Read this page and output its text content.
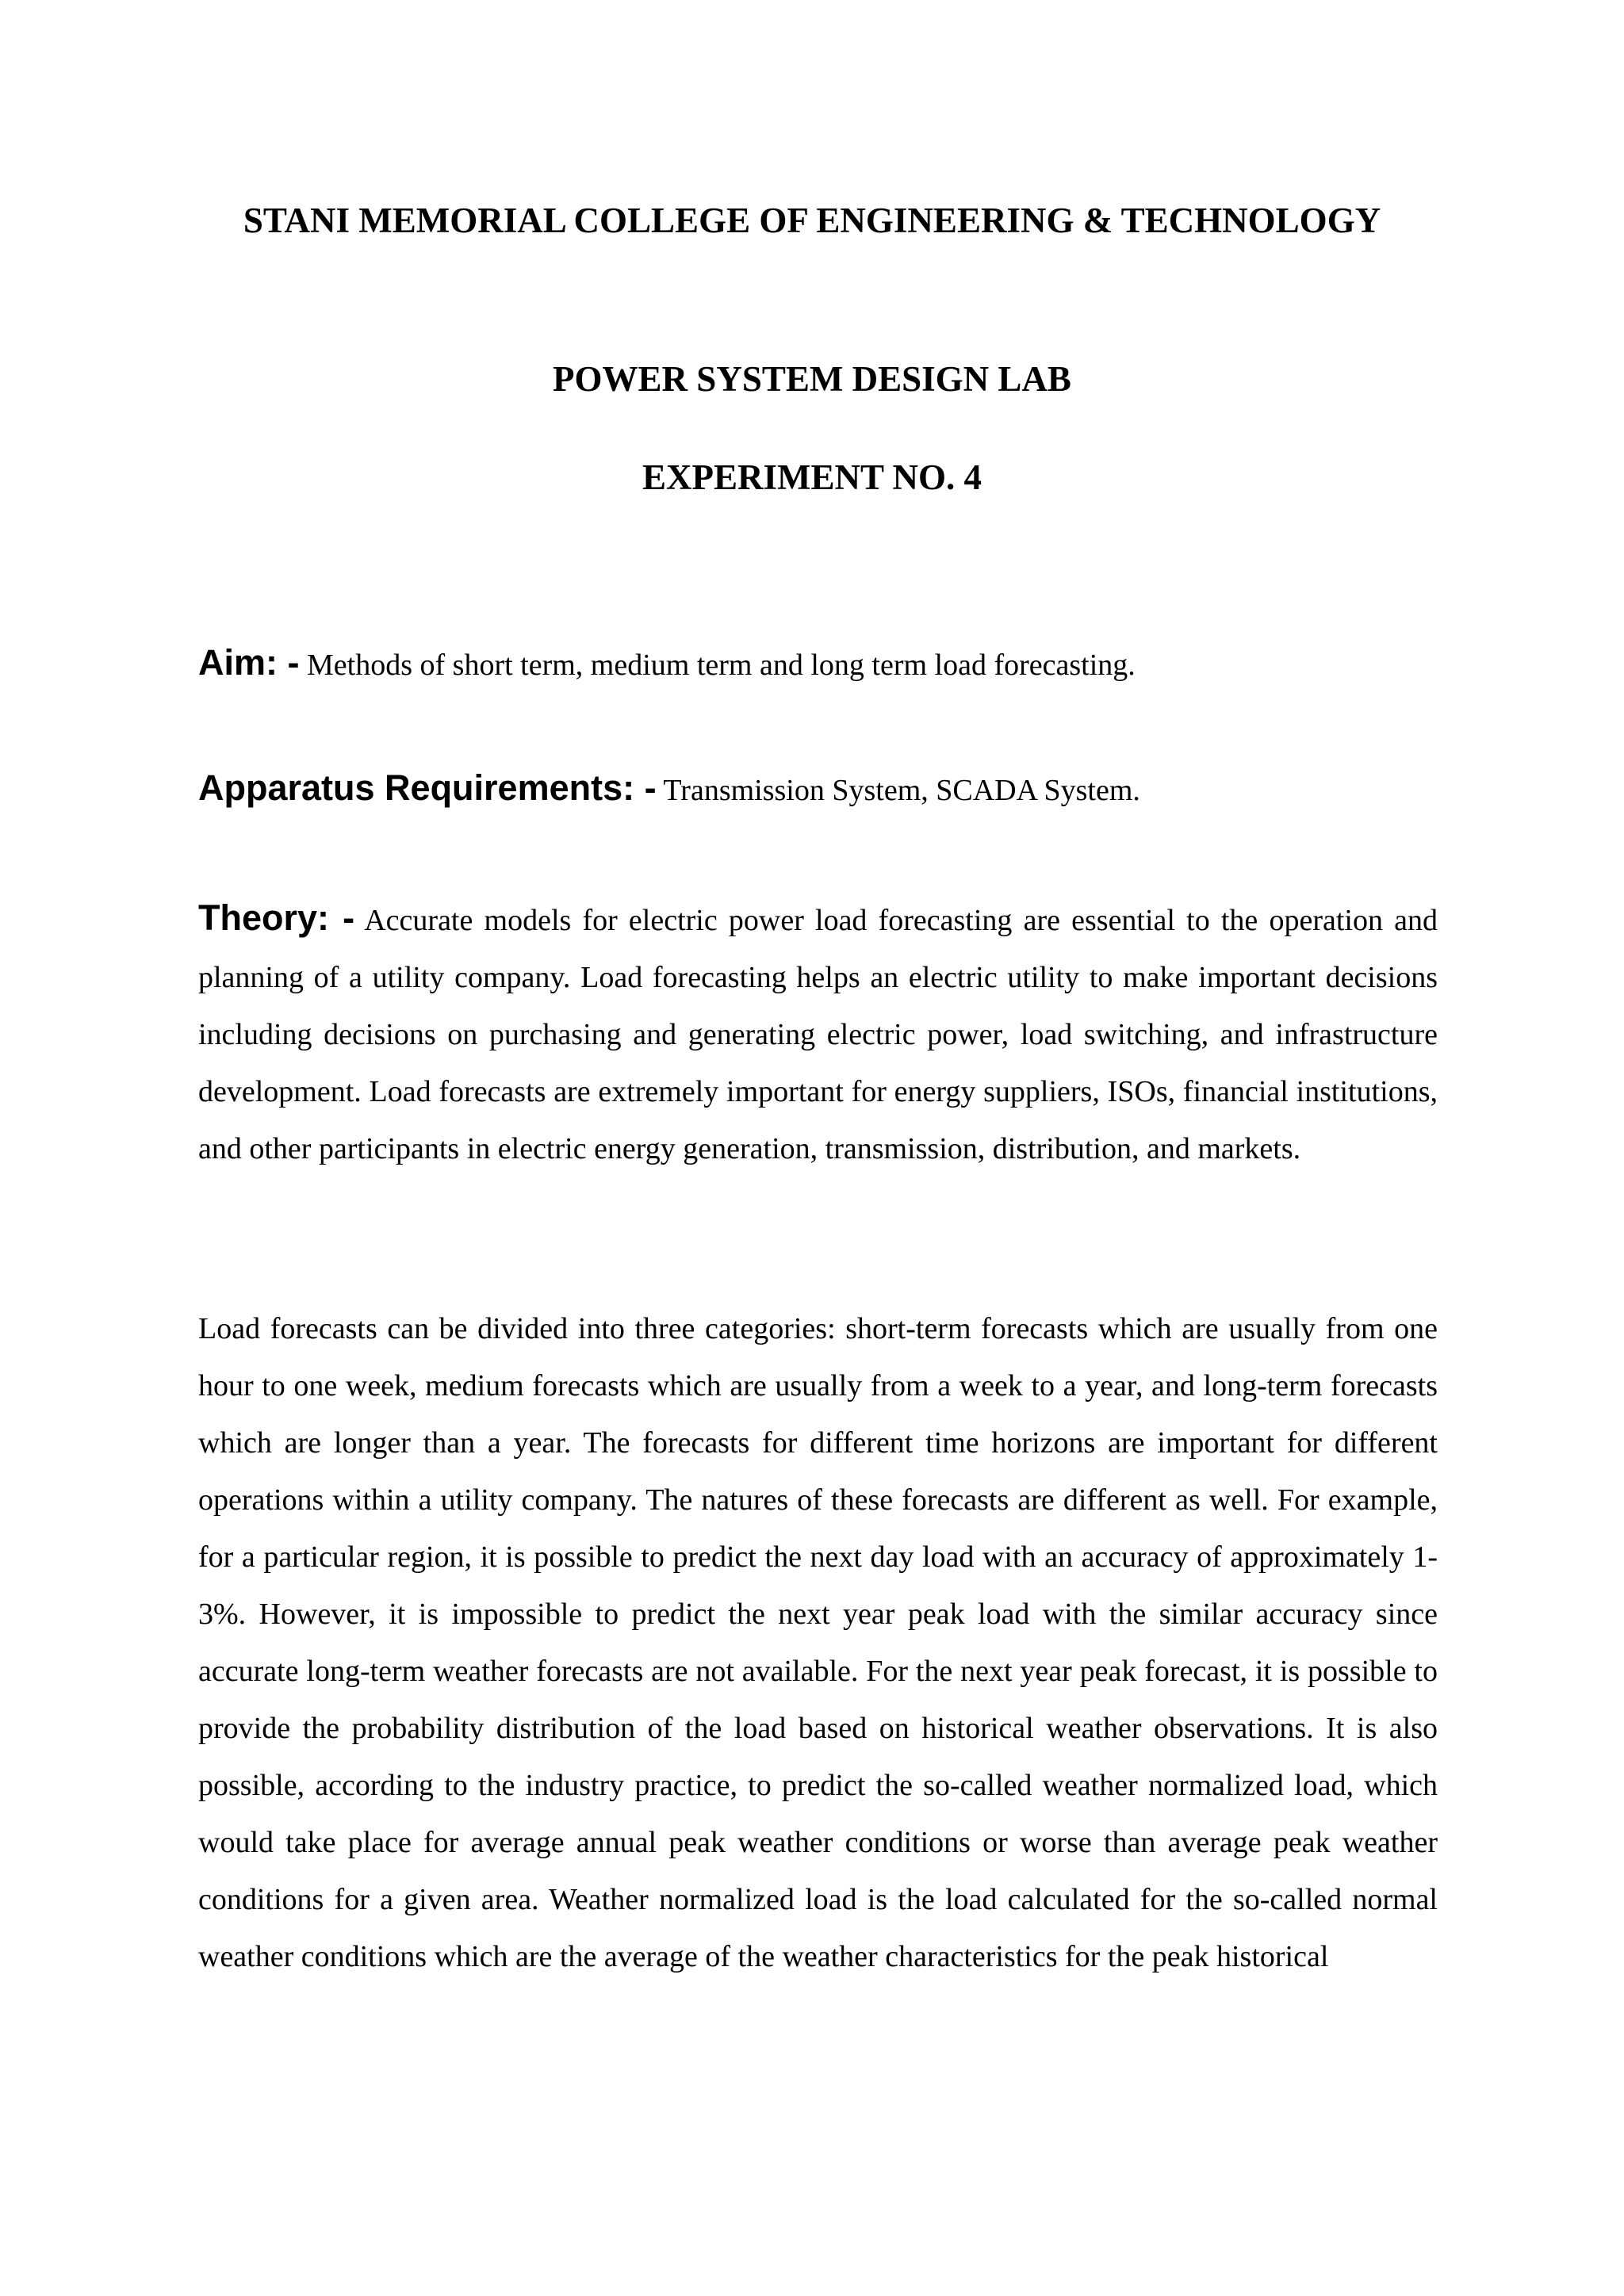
STANI MEMORIAL COLLEGE OF ENGINEERING & TECHNOLOGY
POWER SYSTEM DESIGN LAB
EXPERIMENT NO. 4
Aim: - Methods of short term, medium term and long term load forecasting.
Apparatus Requirements: - Transmission System, SCADA System.

Theory: - Accurate models for electric power load forecasting are essential to the operation and planning of a utility company. Load forecasting helps an electric utility to make important decisions including decisions on purchasing and generating electric power, load switching, and infrastructure development. Load forecasts are extremely important for energy suppliers, ISOs, financial institutions, and other participants in electric energy generation, transmission, distribution, and markets.

Load forecasts can be divided into three categories: short-term forecasts which are usually from one hour to one week, medium forecasts which are usually from a week to a year, and long-term forecasts which are longer than a year. The forecasts for different time horizons are important for different operations within a utility company. The natures of these forecasts are different as well. For example, for a particular region, it is possible to predict the next day load with an accuracy of approximately 1-3%. However, it is impossible to predict the next year peak load with the similar accuracy since accurate long-term weather forecasts are not available. For the next year peak forecast, it is possible to provide the probability distribution of the load based on historical weather observations. It is also possible, according to the industry practice, to predict the so-called weather normalized load, which would take place for average annual peak weather conditions or worse than average peak weather conditions for a given area. Weather normalized load is the load calculated for the so-called normal weather conditions which are the average of the weather characteristics for the peak historical
